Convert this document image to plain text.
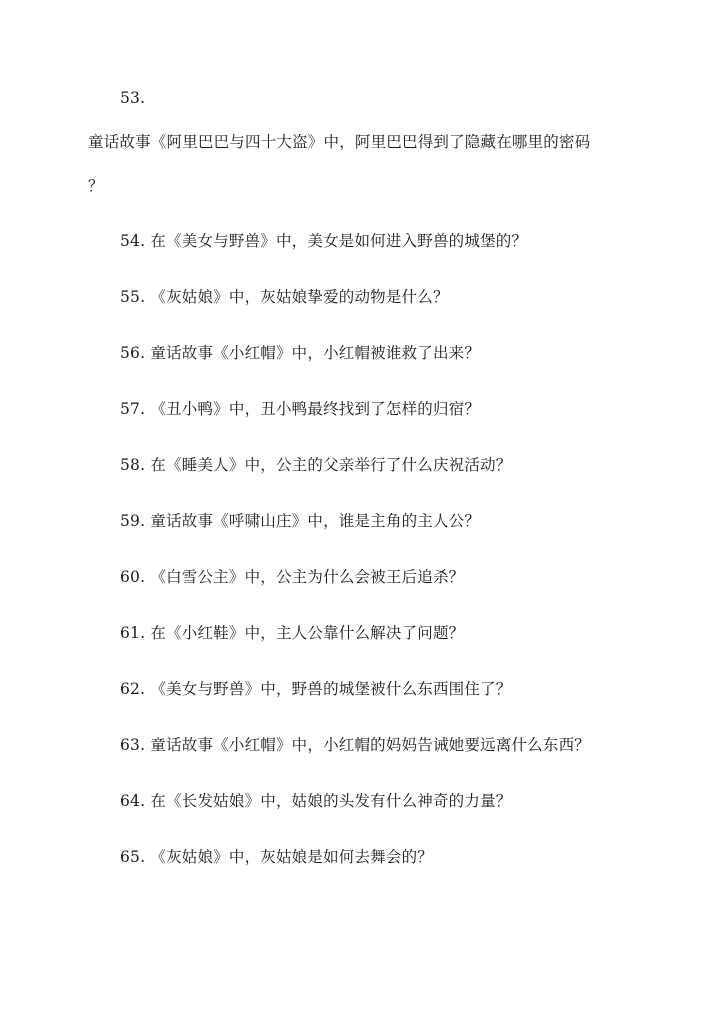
53.
童话故事《阿里巴巴与四十大盗》中，阿里巴巴得到了隐藏在哪里的密码
？
54. 在《美女与野兽》中，美女是如何进入野兽的城堡的？
55. 《灰姑娘》中，灰姑娘挚爱的动物是什么？
56. 童话故事《小红帽》中，小红帽被谁救了出来？
57. 《丑小鸭》中，丑小鸭最终找到了怎样的归宿？
58. 在《睡美人》中，公主的父亲举行了什么庆祝活动？
59. 童话故事《呼啸山庄》中，谁是主角的主人公？
60. 《白雪公主》中，公主为什么会被王后追杀？
61. 在《小红鞋》中，主人公靠什么解决了问题？
62. 《美女与野兽》中，野兽的城堡被什么东西围住了？
63. 童话故事《小红帽》中，小红帽的妈妈告诫她要远离什么东西？
64. 在《长发姑娘》中，姑娘的头发有什么神奇的力量？
65. 《灰姑娘》中，灰姑娘是如何去舞会的？
